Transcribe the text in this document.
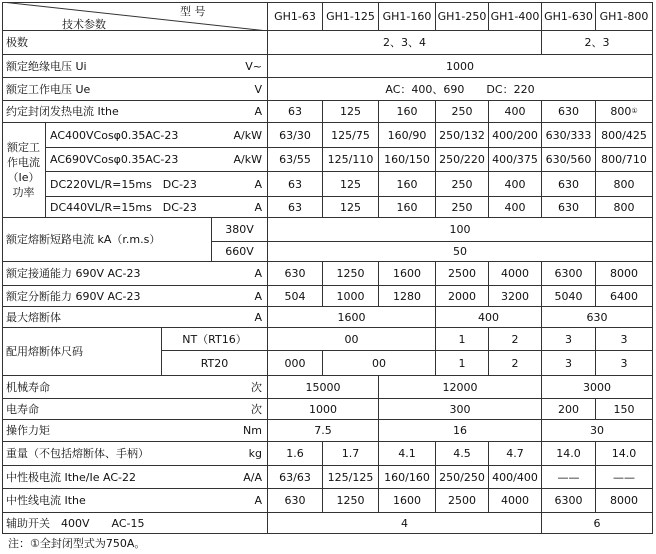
型 号
技术参数
GH1-63 GH1-125 GH1-160 GH1-250 GH1-400 GH1-630 GH1-800
极数	2、3、4	2、3
额定绝缘电压 Ui	V~	1000
额定工作电压 Ue	V	AC：400、690　　DC：220
约定封闭发热电流 Ithe	A	63	125	160	250	400	630	800 ①
额定工作电流（Ie）功率
AC400VCosφ0.35AC-23	A/kW	63/30	125/75	160/90	250/132 400/200 630/333 800/425
AC690VCosφ0.35AC-23	A/kW	63/55	125/110 160/150 250/220 400/375 630/560 800/710
DC220VL/R=15ms　DC-23	A	63	125	160	250	400	630	800
DC440VL/R=15ms　DC-23	A	63	125	160	250	400	630	800
额定熔断短路电流 kA（r.m.s）
380V	100
660V	50
额定接通能力 690V AC-23	A	630	1250	1600	2500	4000	6300	8000
额定分断能力 690V AC-23	A	504	1000	1280	2000	3200	5040	6400
最大熔断体	A	1600	400	630
配用熔断体尺码
NT（RT16）	00	1	2	3	3
RT20	000	00	1	2	3	3
机械寿命	次	15000	12000	3000
电寿命	次	1000	300	200	150
操作力矩	Nm	7.5	16	30
重量（不包括熔断体、手柄）	kg	1.6	1.7	4.1	4.5	4.7	14.0	14.0
中性极电流 Ithe/Ie AC-22	A/A	63/63	125/125 160/160 250/250 400/400	——	——
中性线电流 Ithe	A	630	1250	1600	2500	4000	6300	8000
辅助开关　400V　　AC-15	4	6
注：①全封闭型式为750A。
